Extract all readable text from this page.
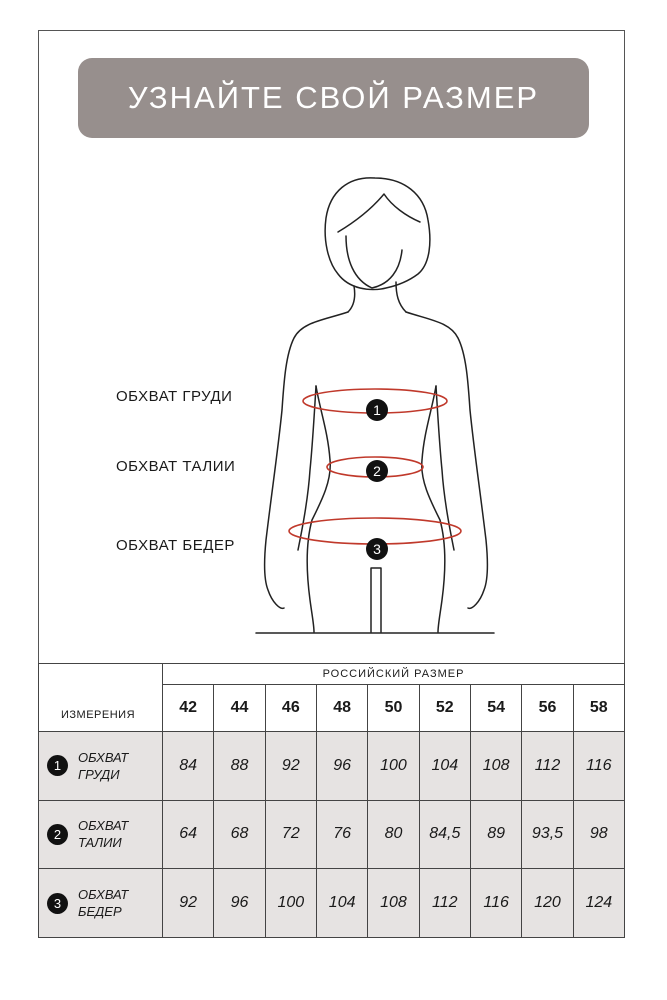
УЗНАЙТЕ СВОЙ РАЗМЕР
ОБХВАТ ГРУДИ
ОБХВАТ ТАЛИИ
ОБХВАТ БЕДЕР
1
2
3
ИЗМЕРЕНИЯ	РОССИЙСКИЙ РАЗМЕР								
	42	44	46	48	50	52	54	56	58

1
ОБХВАТ
ГРУДИ	84	88	92	96	100	104	108	112	116

2
ОБХВАТ
ТАЛИИ	64	68	72	76	80	84,5	89	93,5	98

3
ОБХВАТ
БЕДЕР	92	96	100	104	108	112	116	120	124
